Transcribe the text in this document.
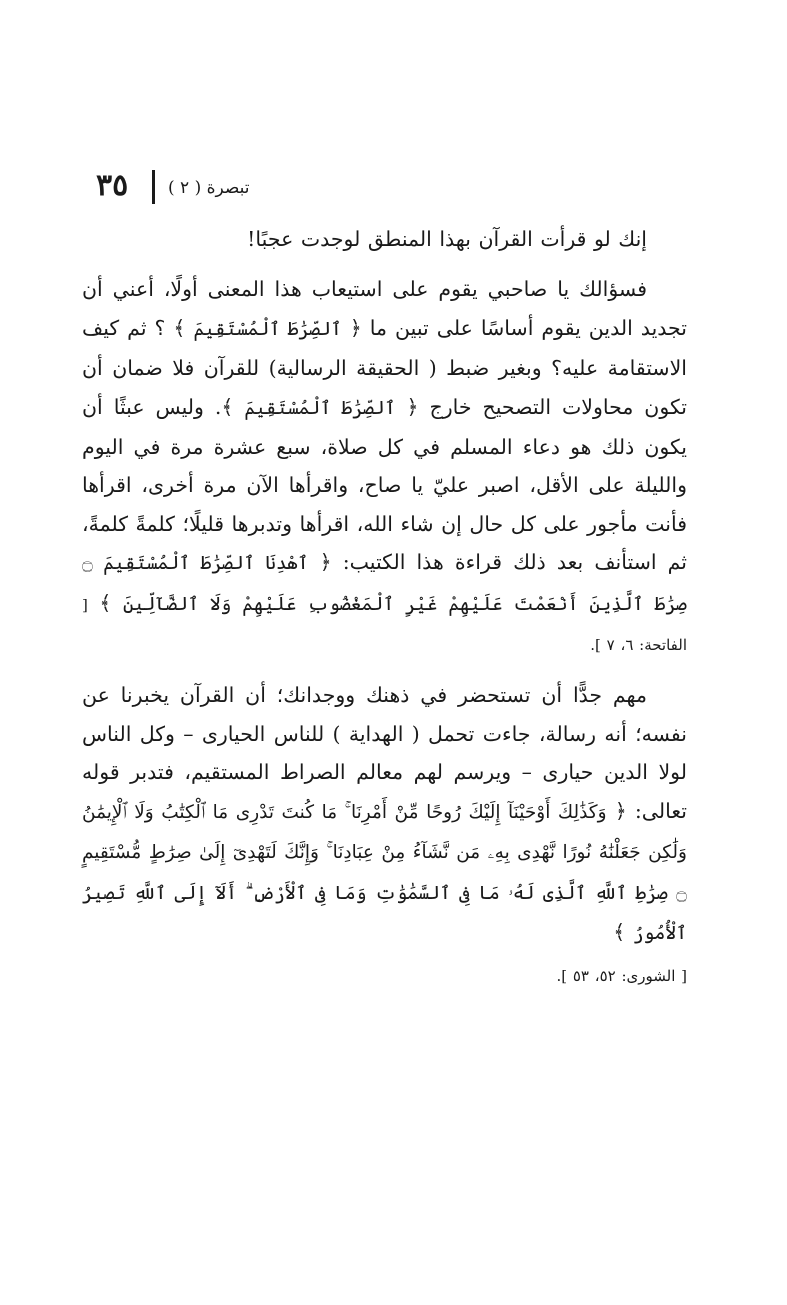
٣٥ تبصرة ( ٢ )

إنك لو قرأت القرآن بهذا المنطق لوجدت عجبًا!

فسؤالك يا صاحبي يقوم على استيعاب هذا المعنى أولًا، أعني أن تجديد الدين يقوم أساسًا على تبين ما ﴿ ٱلصِّرَٰطَ ٱلْمُسْتَقِيمَ ﴾ ؟ ثم كيف الاستقامة عليه؟ وبغير ضبط ( الحقيقة الرسالية) للقرآن فلا ضمان أن تكون محاولات التصحيح خارج ﴿ ٱلصِّرَٰطَ ٱلْمُسْتَقِيمَ ﴾. وليس عبثًا أن يكون ذلك هو دعاء المسلم في كل صلاة، سبع عشرة مرة في اليوم والليلة على الأقل، اصبر عليّ يا صاح، واقرأها الآن مرة أخرى، اقرأها فأنت مأجور على كل حال إن شاء الله، اقرأها وتدبرها قليلًا؛ كلمةً كلمةً، ثم استأنف بعد ذلك قراءة هذا الكتيب: ﴿ ٱهْدِنَا ٱلصِّرَٰطَ ٱلْمُسْتَقِيمَ ۝ صِرَٰطَ ٱلَّذِينَ أَنْعَمْتَ عَلَيْهِمْ غَيْرِ ٱلْمَغْضُوبِ عَلَيْهِمْ وَلَا ٱلضَّآلِّينَ ﴾ [ الفاتحة: ٦، ٧ ].

مهم جدًّا أن تستحضر في ذهنك ووجدانك؛ أن القرآن يخبرنا عن نفسه؛ أنه رسالة، جاءت تحمل ( الهداية ) للناس الحيارى – وكل الناس لولا الدين حيارى – ويرسم لهم معالم الصراط المستقيم، فتدبر قوله تعالى: ﴿ وَكَذَٰلِكَ أَوْحَيْنَآ إِلَيْكَ رُوحًا مِّنْ أَمْرِنَا ۚ مَا كُنتَ تَدْرِى مَا ٱلْكِتَٰبُ وَلَا ٱلْإِيمَٰنُ وَلَٰكِن جَعَلْنَٰهُ نُورًا نَّهْدِى بِهِۦ مَن نَّشَآءُ مِنْ عِبَادِنَا ۚ وَإِنَّكَ لَتَهْدِىٓ إِلَىٰ صِرَٰطٍ مُّسْتَقِيمٍ ۝ صِرَٰطِ ٱللَّهِ ٱلَّذِى لَهُۥ مَا فِى ٱلسَّمَٰوَٰتِ وَمَا فِى ٱلْأَرْضِ ۗ أَلَآ إِلَى ٱللَّهِ تَصِيرُ ٱلْأُمُورُ ﴾

[ الشورى: ٥٢، ٥٣ ].
